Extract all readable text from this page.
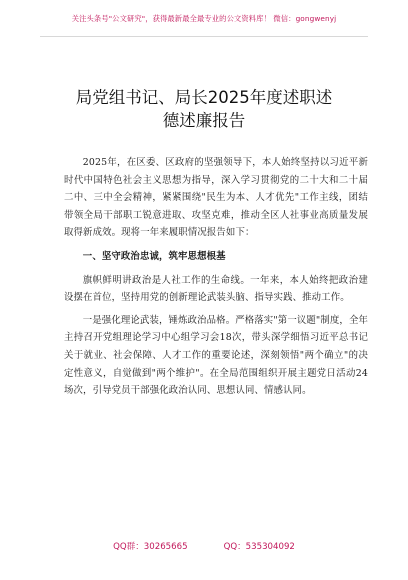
关注头条号"公文研究"，获得最新最全最专业的公文资料库！ 微信：gongwenyj
局党组书记、局长2025年度述职述
德述廉报告

2025年，在区委、区政府的坚强领导下，本人始终坚持以习近平新时代中国特色社会主义思想为指导，深入学习贯彻党的二十大和二十届二中、三中全会精神，紧紧围绕"民生为本、人才优先"工作主线，团结带领全局干部职工锐意进取、攻坚克难，推动全区人社事业高质量发展取得新成效。现将一年来履职情况报告如下：

一、坚守政治忠诚，筑牢思想根基

旗帜鲜明讲政治是人社工作的生命线。一年来，本人始终把政治建设摆在首位，坚持用党的创新理论武装头脑、指导实践、推动工作。

一是强化理论武装，锤炼政治品格。严格落实"第一议题"制度，全年主持召开党组理论学习中心组学习会18次，带头深学细悟习近平总书记关于就业、社会保障、人才工作的重要论述，深刻领悟"两个确立"的决定性意义，自觉做到"两个维护"。在全局范围组织开展主题党日活动24场次，引导党员干部强化政治认同、思想认同、情感认同。

QQ群：30265665	QQ：535304092
